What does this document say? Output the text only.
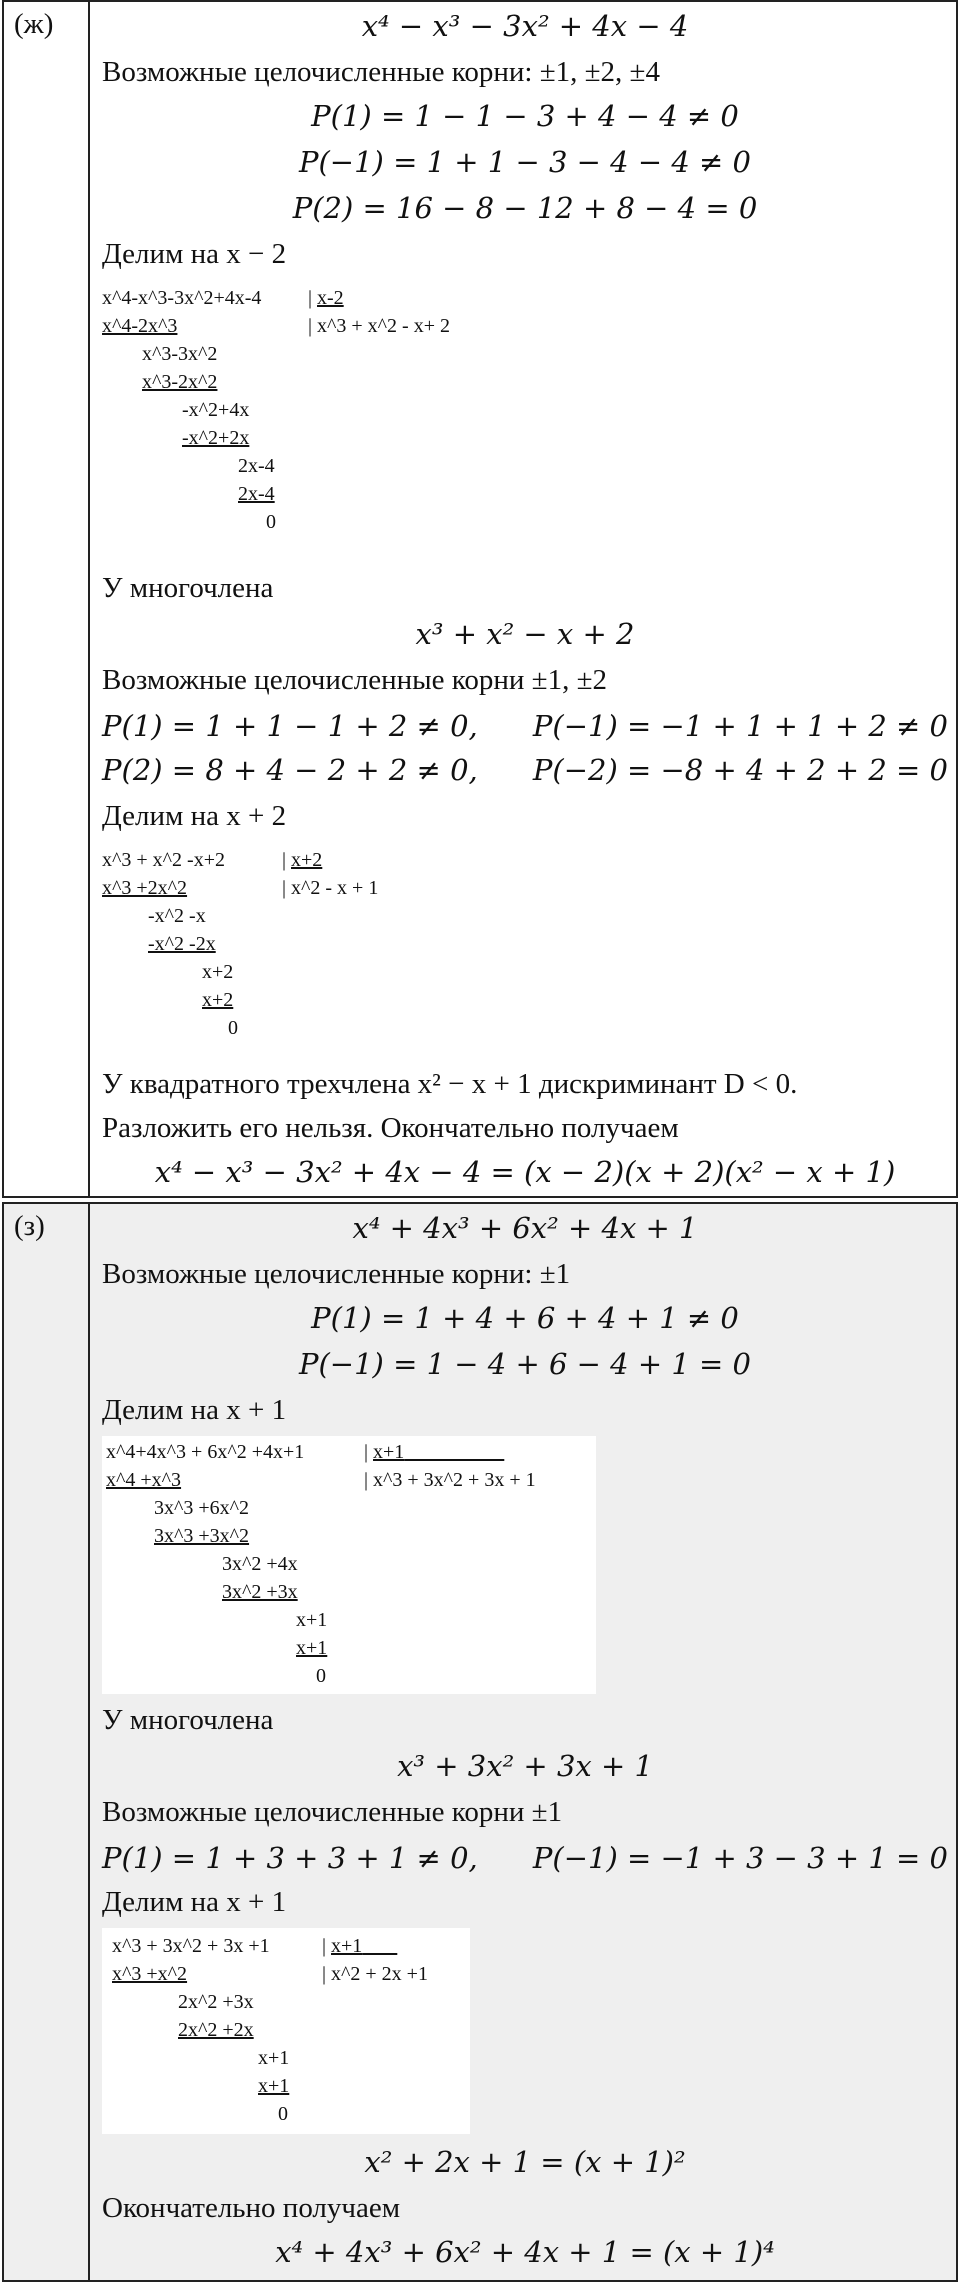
(ж)	x⁴ − x³ − 3x² + 4x − 4
Возможные целочисленные корни: ±1, ±2, ±4
P(1) = 1 − 1 − 3 + 4 − 4 ≠ 0
P(−1) = 1 + 1 − 3 − 4 − 4 ≠ 0
P(2) = 16 − 8 − 12 + 8 − 4 = 0
Делим на x − 2
x^4-x^3-3x^2+4x-4 | x-2
| x^3 + x^2 - x+ 2
x^4-2x^3
x^3-3x^2
x^3-2x^2
-x^2+4x
-x^2+2x
2x-4
2x-4
0
У многочлена
x³ + x² − x + 2
Возможные целочисленные корни ±1, ±2
P(1) = 1 + 1 − 1 + 2 ≠ 0, P(−1) = −1 + 1 + 1 + 2 ≠ 0
P(2) = 8 + 4 − 2 + 2 ≠ 0, P(−2) = −8 + 4 + 2 + 2 = 0
Делим на x + 2
x^3 + x^2 -x+2	| x+2
| x^2 - x + 1
x^3 +2x^2
-x^2 -x
-x^2 -2x
x+2
x+2
0
У квадратного трехчлена x² − x + 1 дискриминант D < 0.
Разложить его нельзя. Окончательно получаем
x⁴ − x³ − 3x² + 4x − 4 = (x − 2)(x + 2)(x² − x + 1)
(з)	x⁴ + 4x³ + 6x² + 4x + 1
Возможные целочисленные корни: ±1
P(1) = 1 + 4 + 6 + 4 + 1 ≠ 0
P(−1) = 1 − 4 + 6 − 4 + 1 = 0
Делим на x + 1
x^4+4x^3 + 6x^2 +4x+1	| x+1
| x^3 + 3x^2 + 3x + 1
x^4 +x^3
3x^3 +6x^2
3x^3 +3x^2
3x^2 +4x
3x^2 +3x
x+1
x+1
0
У многочлена
x³ + 3x² + 3x + 1
Возможные целочисленные корни ±1
P(1) = 1 + 3 + 3 + 1 ≠ 0, P(−1) = −1 + 3 − 3 + 1 = 0
Делим на x + 1
x^3 + 3x^2 + 3x +1	| x+1
| x^2 + 2x +1
x^3 +x^2
2x^2 +3x
2x^2 +2x
x+1
x+1
0
x² + 2x + 1 = (x + 1)²
Окончательно получаем
x⁴ + 4x³ + 6x² + 4x + 1 = (x + 1)⁴
